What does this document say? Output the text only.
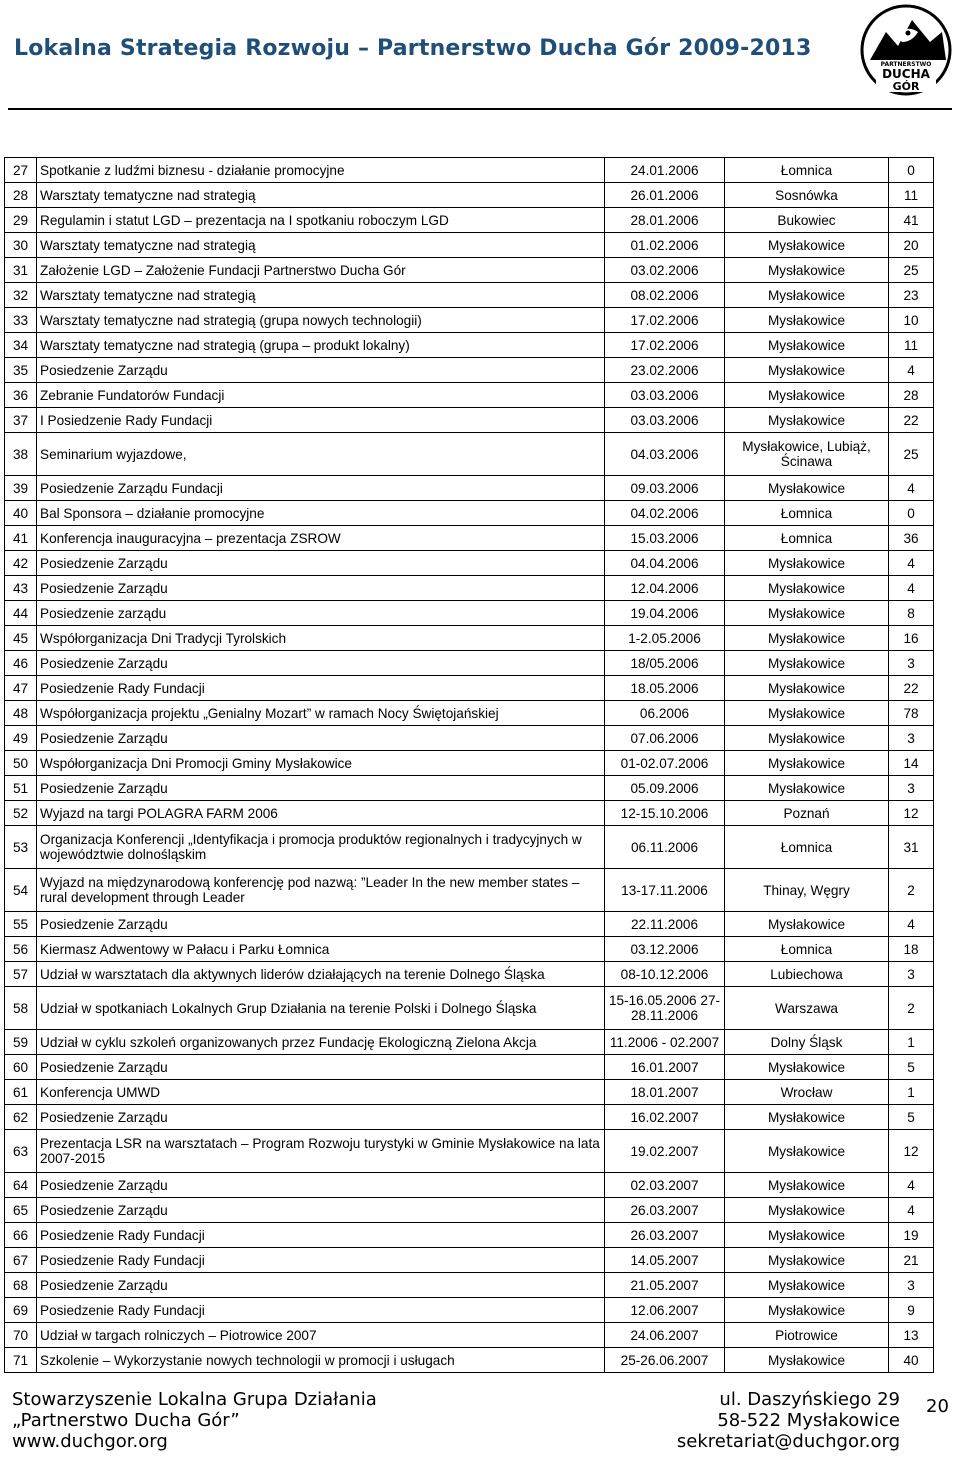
Lokalna Strategia Rozwoju – Partnerstwo Ducha Gór 2009-2013
PARTNERSTWO
DUCHA
GÓR
27	Spotkanie z ludźmi biznesu - działanie promocyjne	24.01.2006	Łomnica	0
28	Warsztaty tematyczne nad strategią	26.01.2006	Sosnówka	11
29	Regulamin i statut LGD – prezentacja na I spotkaniu roboczym LGD	28.01.2006	Bukowiec	41
30	Warsztaty tematyczne nad strategią	01.02.2006	Mysłakowice	20
31	Założenie LGD – Założenie Fundacji Partnerstwo Ducha Gór	03.02.2006	Mysłakowice	25
32	Warsztaty tematyczne nad strategią	08.02.2006	Mysłakowice	23
33	Warsztaty tematyczne nad strategią (grupa nowych technologii)	17.02.2006	Mysłakowice	10
34	Warsztaty tematyczne nad strategią (grupa – produkt lokalny)	17.02.2006	Mysłakowice	11
35	Posiedzenie Zarządu	23.02.2006	Mysłakowice	4
36	Zebranie Fundatorów Fundacji	03.03.2006	Mysłakowice	28
37	I Posiedzenie Rady Fundacji	03.03.2006	Mysłakowice	22
38	Seminarium wyjazdowe,	04.03.2006	Mysłakowice, Lubiąż, Ścinawa	25
39	Posiedzenie Zarządu Fundacji	09.03.2006	Mysłakowice	4
40	Bal Sponsora – działanie promocyjne	04.02.2006	Łomnica	0
41	Konferencja inauguracyjna – prezentacja ZSROW	15.03.2006	Łomnica	36
42	Posiedzenie Zarządu	04.04.2006	Mysłakowice	4
43	Posiedzenie Zarządu	12.04.2006	Mysłakowice	4
44	Posiedzenie zarządu	19.04.2006	Mysłakowice	8
45	Współorganizacja Dni Tradycji Tyrolskich	1-2.05.2006	Mysłakowice	16
46	Posiedzenie Zarządu	18/05.2006	Mysłakowice	3
47	Posiedzenie Rady Fundacji	18.05.2006	Mysłakowice	22
48	Współorganizacja projektu „Genialny Mozart” w ramach Nocy Świętojańskiej	06.2006	Mysłakowice	78
49	Posiedzenie Zarządu	07.06.2006	Mysłakowice	3
50	Współorganizacja Dni Promocji Gminy Mysłakowice	01-02.07.2006	Mysłakowice	14
51	Posiedzenie Zarządu	05.09.2006	Mysłakowice	3
52	Wyjazd na targi POLAGRA FARM 2006	12-15.10.2006	Poznań	12
53	Organizacja Konferencji „Identyfikacja i promocja produktów regionalnych i tradycyjnych w województwie dolnośląskim	06.11.2006	Łomnica	31
54	Wyjazd na międzynarodową konferencję pod nazwą: ”Leader In the new member states – rural development through Leader	13-17.11.2006	Thinay, Węgry	2
55	Posiedzenie Zarządu	22.11.2006	Mysłakowice	4
56	Kiermasz Adwentowy w Pałacu i Parku Łomnica	03.12.2006	Łomnica	18
57	Udział w warsztatach dla aktywnych liderów działających na terenie Dolnego Śląska	08-10.12.2006	Lubiechowa	3
58	Udział w spotkaniach Lokalnych Grup Działania na terenie Polski i Dolnego Śląska	15-16.05.2006 27-28.11.2006	Warszawa	2
59	Udział w cyklu szkoleń organizowanych przez Fundację Ekologiczną Zielona Akcja	11.2006 - 02.2007	Dolny Śląsk	1
60	Posiedzenie Zarządu	16.01.2007	Mysłakowice	5
61	Konferencja UMWD	18.01.2007	Wrocław	1
62	Posiedzenie Zarządu	16.02.2007	Mysłakowice	5
63	Prezentacja LSR na warsztatach – Program Rozwoju turystyki w Gminie Mysłakowice na lata 2007-2015	19.02.2007	Mysłakowice	12
64	Posiedzenie Zarządu	02.03.2007	Mysłakowice	4
65	Posiedzenie Zarządu	26.03.2007	Mysłakowice	4
66	Posiedzenie Rady Fundacji	26.03.2007	Mysłakowice	19
67	Posiedzenie Rady Fundacji	14.05.2007	Mysłakowice	21
68	Posiedzenie Zarządu	21.05.2007	Mysłakowice	3
69	Posiedzenie Rady Fundacji	12.06.2007	Mysłakowice	9
70	Udział w targach rolniczych – Piotrowice 2007	24.06.2007	Piotrowice	13
71	Szkolenie – Wykorzystanie nowych technologii w promocji i usługach	25-26.06.2007	Mysłakowice	40
Stowarzyszenie Lokalna Grupa Działania
„Partnerstwo Ducha Gór”
www.duchgor.org
ul. Daszyńskiego 29
58-522 Mysłakowice
sekretariat@duchgor.org
20
